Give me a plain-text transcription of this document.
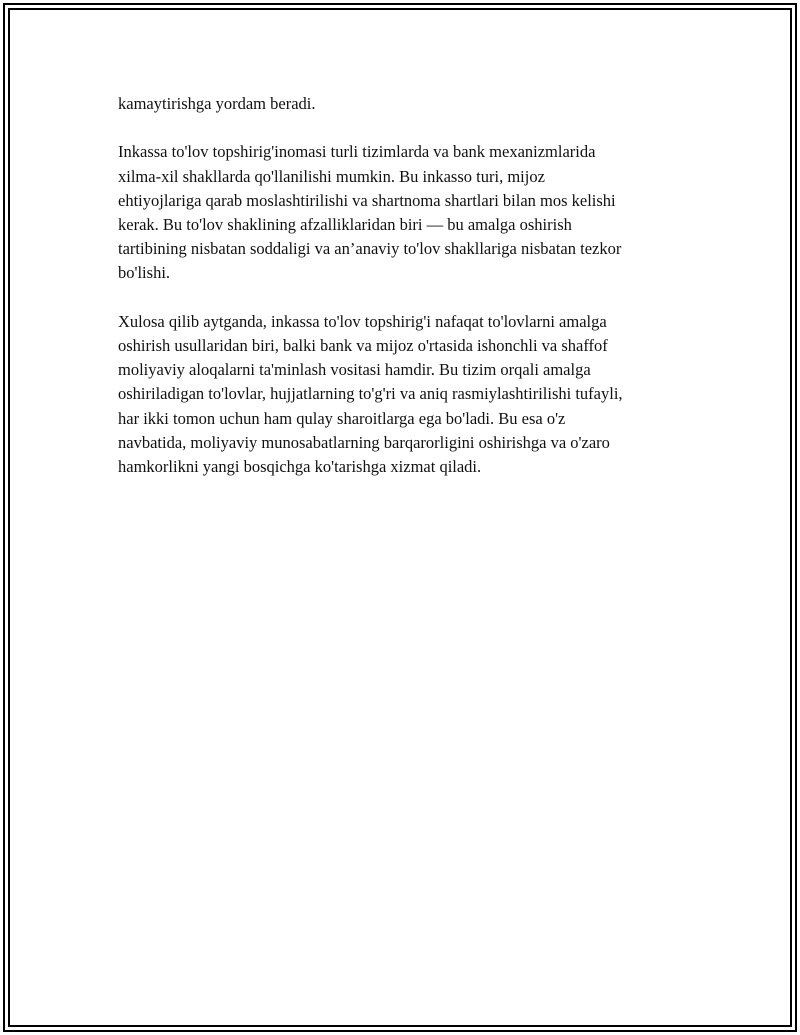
kamaytirishga yordam beradi.

Inkassa to'lov topshirig'inomasi turli tizimlarda va bank mexanizmlarida
xilma-xil shakllarda qo'llanilishi mumkin. Bu inkasso turi, mijoz
ehtiyojlariga qarab moslashtirilishi va shartnoma shartlari bilan mos kelishi
kerak. Bu to'lov shaklining afzalliklaridan biri — bu amalga oshirish
tartibining nisbatan soddaligi va an’anaviy to'lov shakllariga nisbatan tezkor
bo'lishi.

Xulosa qilib aytganda, inkassa to'lov topshirig'i nafaqat to'lovlarni amalga
oshirish usullaridan biri, balki bank va mijoz o'rtasida ishonchli va shaffof
moliyaviy aloqalarni ta'minlash vositasi hamdir. Bu tizim orqali amalga
oshiriladigan to'lovlar, hujjatlarning to'g'ri va aniq rasmiylashtirilishi tufayli,
har ikki tomon uchun ham qulay sharoitlarga ega bo'ladi. Bu esa o'z
navbatida, moliyaviy munosabatlarning barqarorligini oshirishga va o'zaro
hamkorlikni yangi bosqichga ko'tarishga xizmat qiladi.
